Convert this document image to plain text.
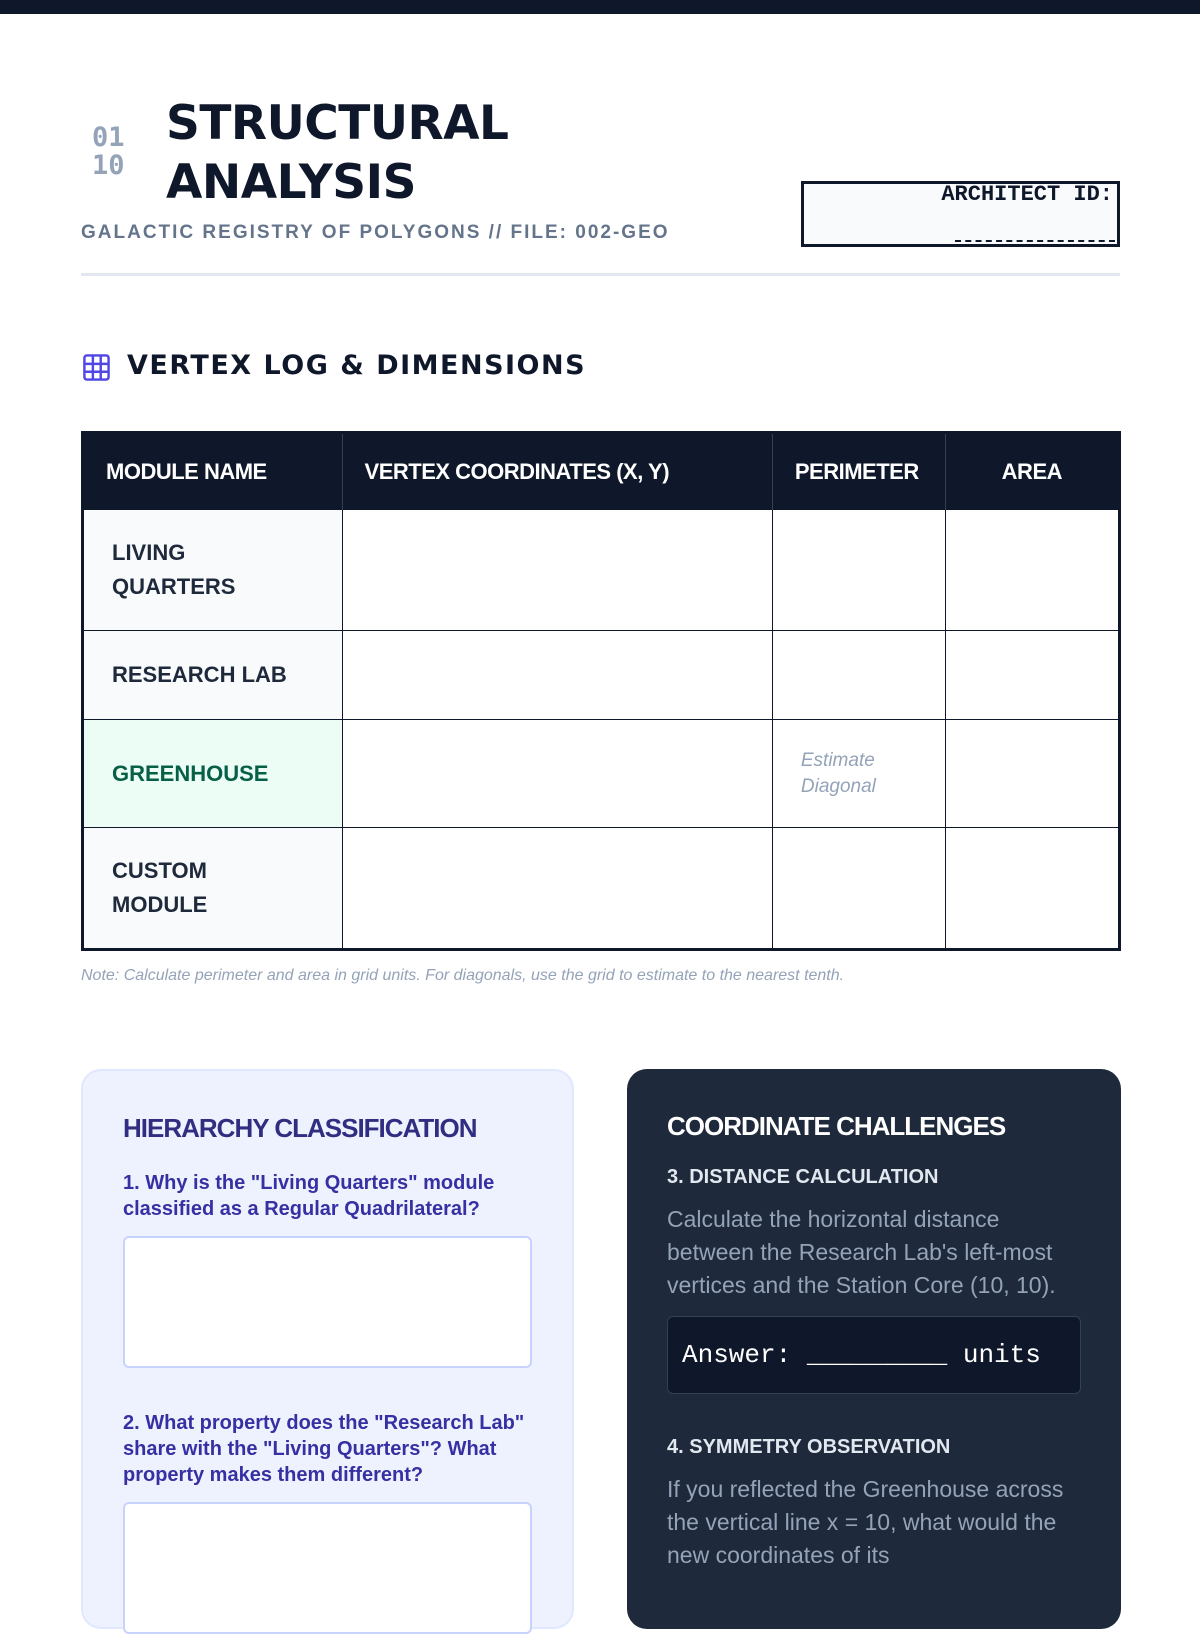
01
10
STRUCTURAL
ANALYSIS
GALACTIC REGISTRY OF POLYGONS // FILE: 002-GEO
ARCHITECT ID:
VERTEX LOG & DIMENSIONS
MODULE NAME	VERTEX COORDINATES (X, Y)	PERIMETER	AREA
LIVING QUARTERS			
RESEARCH LAB			
GREENHOUSE		Estimate Diagonal	
CUSTOM MODULE			
Note: Calculate perimeter and area in grid units. For diagonals, use the grid to estimate to the nearest tenth.
HIERARCHY CLASSIFICATION
1. Why is the "Living Quarters" module classified as a Regular Quadrilateral?
2. What property does the "Research Lab" share with the "Living Quarters"? What property makes them different?
COORDINATE CHALLENGES
3. DISTANCE CALCULATION

Calculate the horizontal distance between the Research Lab's left-most vertices and the Station Core (10, 10).

Answer: _________ units
4. SYMMETRY OBSERVATION

If you reflected the Greenhouse across the vertical line x = 10, what would the new coordinates of its
